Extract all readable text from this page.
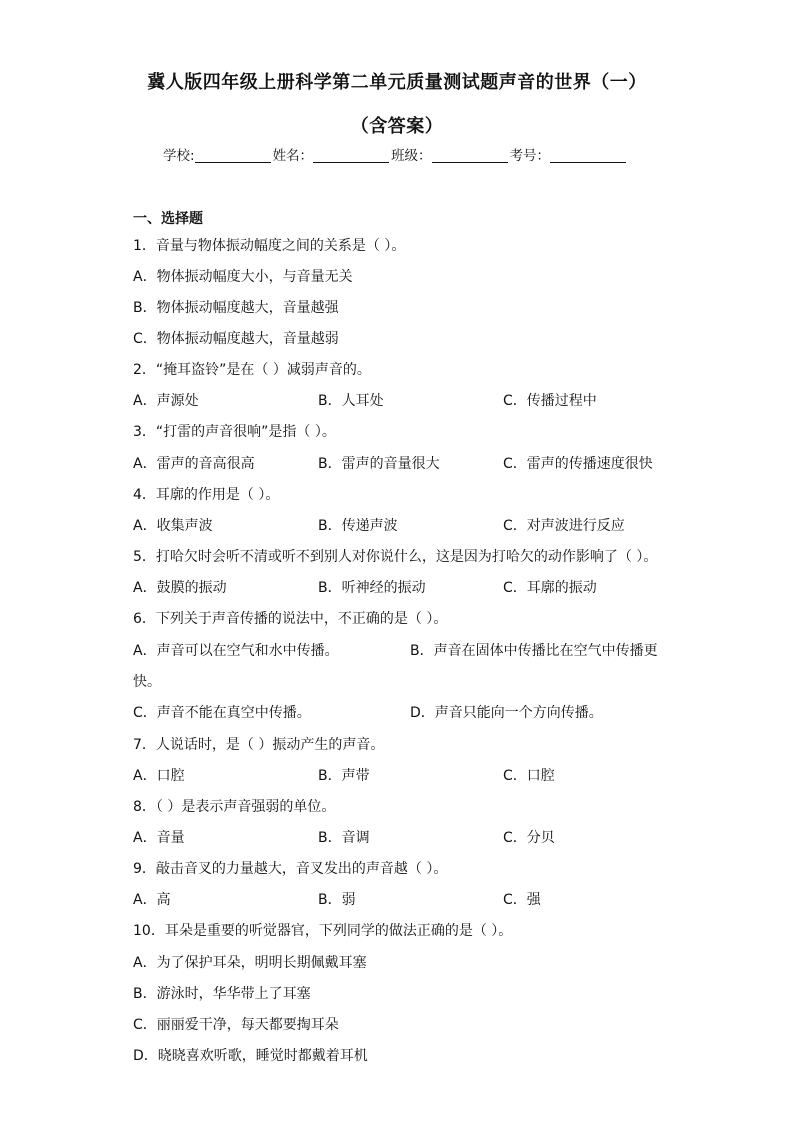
冀人版四年级上册科学第二单元质量测试题声音的世界（一）
（含答案）
学校:	姓名：	班级：	考号：
一、选择题
1．音量与物体振动幅度之间的关系是（ ）。
A．物体振动幅度大小，与音量无关
B．物体振动幅度越大，音量越强
C．物体振动幅度越大，音量越弱
2．“掩耳盗铃”是在（ ）减弱声音的。
A．声源处	B．人耳处	C．传播过程中
3．“打雷的声音很响”是指（ ）。
A．雷声的音高很高	B．雷声的音量很大	C．雷声的传播速度很快
4．耳廓的作用是（ ）。
A．收集声波	B．传递声波	C．对声波进行反应
5．打哈欠时会听不清或听不到别人对你说什么，这是因为打哈欠的动作影响了（ ）。
A．鼓膜的振动	B．听神经的振动	C．耳廓的振动
6．下列关于声音传播的说法中，不正确的是（ ）。
A．声音可以在空气和水中传播。	B．声音在固体中传播比在空气中传播更
快。
C．声音不能在真空中传播。	D．声音只能向一个方向传播。
7．人说话时，是（ ）振动产生的声音。
A．口腔	B．声带	C．口腔
8．（ ）是表示声音强弱的单位。
A．音量	B．音调	C．分贝
9．敲击音叉的力量越大，音叉发出的声音越（ ）。
A．高	B．弱	C．强
10．耳朵是重要的听觉器官，下列同学的做法正确的是（ ）。
A．为了保护耳朵，明明长期佩戴耳塞
B．游泳时，华华带上了耳塞
C．丽丽爱干净，每天都要掏耳朵
D．晓晓喜欢听歌，睡觉时都戴着耳机
